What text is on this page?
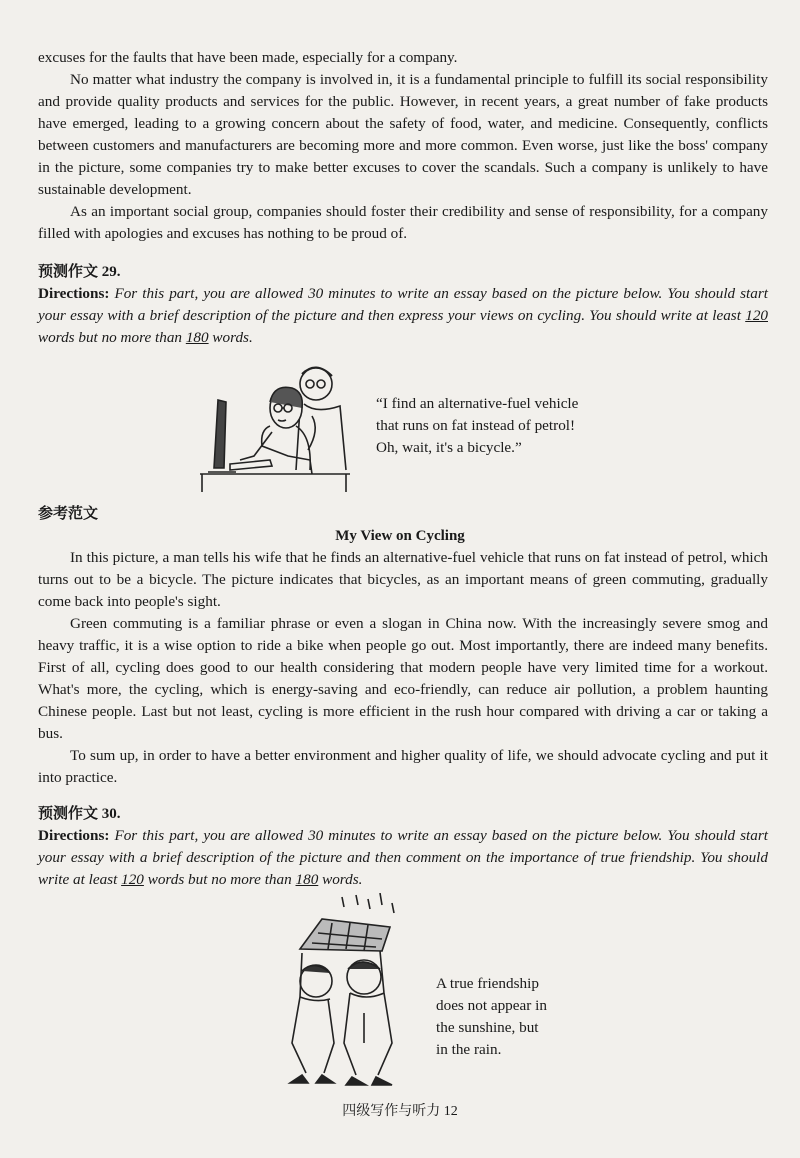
excuses for the faults that have been made, especially for a company.

No matter what industry the company is involved in, it is a fundamental principle to fulfill its social responsibility and provide quality products and services for the public. However, in recent years, a great number of fake products have emerged, leading to a growing concern about the safety of food, water, and medicine. Consequently, conflicts between customers and manufacturers are becoming more and more common. Even worse, just like the boss' company in the picture, some companies try to make better excuses to cover the scandals. Such a company is unlikely to have sustainable development.

As an important social group, companies should foster their credibility and sense of responsibility, for a company filled with apologies and excuses has nothing to be proud of.

预测作文 29.
Directions: For this part, you are allowed 30 minutes to write an essay based on the picture below. You should start your essay with a brief description of the picture and then express your views on cycling. You should write at least 120 words but no more than 180 words.
“I find an alternative-fuel vehicle
that runs on fat instead of petrol!
Oh, wait, it's a bicycle.”
参考范文
My View on Cycling

In this picture, a man tells his wife that he finds an alternative-fuel vehicle that runs on fat instead of petrol, which turns out to be a bicycle. The picture indicates that bicycles, as an important means of green commuting, gradually come back into people's sight.

Green commuting is a familiar phrase or even a slogan in China now. With the increasingly severe smog and heavy traffic, it is a wise option to ride a bike when people go out. Most importantly, there are indeed many benefits. First of all, cycling does good to our health considering that modern people have very limited time for a workout. What's more, the cycling, which is energy-saving and eco-friendly, can reduce air pollution, a problem haunting Chinese people. Last but not least, cycling is more efficient in the rush hour compared with driving a car or taking a bus.

To sum up, in order to have a better environment and higher quality of life, we should advocate cycling and put it into practice.

预测作文 30.
Directions: For this part, you are allowed 30 minutes to write an essay based on the picture below. You should start your essay with a brief description of the picture and then comment on the importance of true friendship. You should write at least 120 words but no more than 180 words.
A true friendship
does not appear in
the sunshine, but
in the rain.
四级写作与听力 12
